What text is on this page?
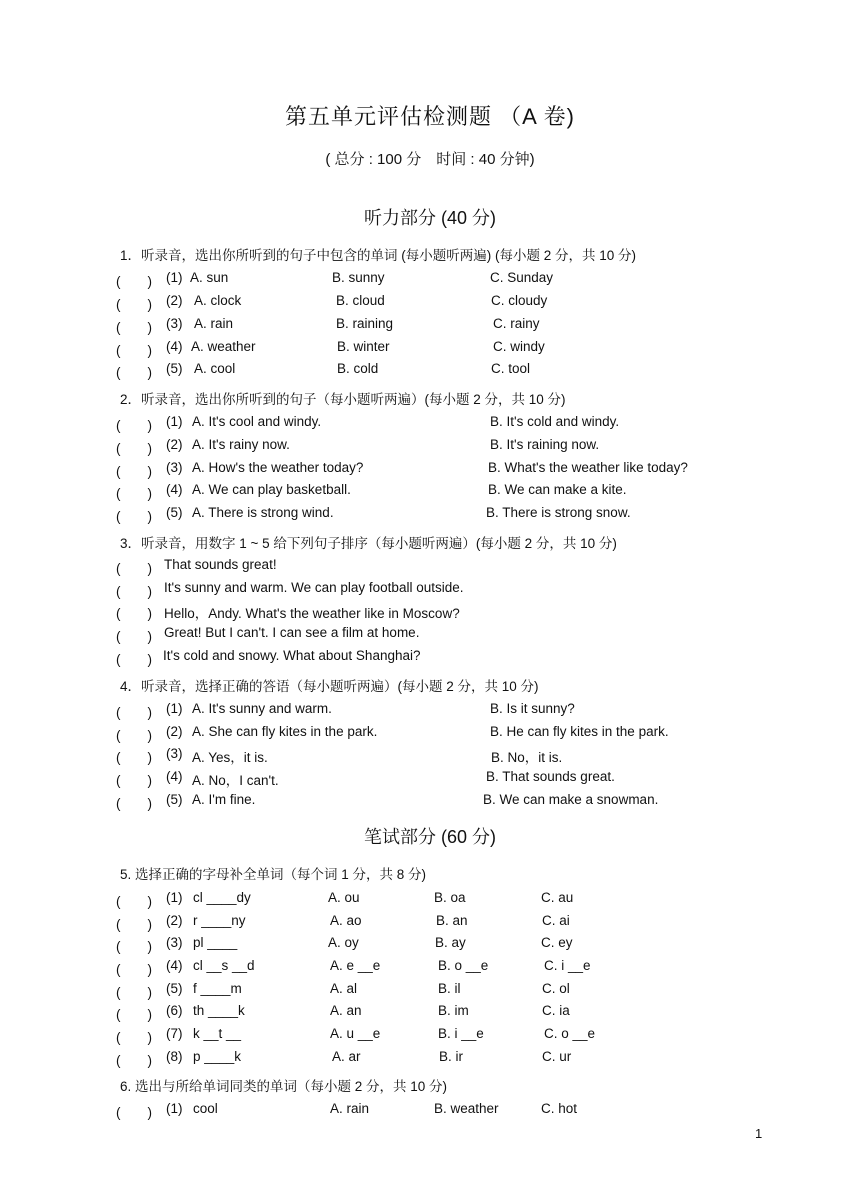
第五单元评估检测题 （A 卷)
( 总分 : 100 分　时间 : 40 分钟)
听力部分 (40 分)
1．听录音，选出你所听到的句子中包含的单词 (每小题听两遍) (每小题 2 分，共 10 分)
(　　) (1) A. sun	B. sunny	C. Sunday
(　　) (2) A. clock	B. cloud	C. cloudy
(　　) (3) A. rain	B. raining	C. rainy
(　　) (4) A. weather	B. winter	C. windy
(　　) (5) A. cool	B. cold	C. tool
2．听录音，选出你所听到的句子（每小题听两遍）(每小题 2 分，共 10 分)
(　　) (1) A. It's cool and windy.	B. It's cold and windy.
(　　) (2) A. It's rainy now.	B. It's raining now.
(　　) (3) A. How's the weather today?	B. What's the weather like today?
(　　) (4) A. We can play basketball.	B. We can make a kite.
(　　) (5) A. There is strong wind.	B. There is strong snow.
3．听录音，用数字 1 ~ 5 给下列句子排序（每小题听两遍）(每小题 2 分，共 10 分)
(　　) That sounds great!
(　　) It's sunny and warm. We can play football outside.
(　　) Hello，Andy. What's the weather like in Moscow?
(　　) Great! But I can't. I can see a film at home.
(　　) It's cold and snowy. What about Shanghai?
4．听录音，选择正确的答语（每小题听两遍）(每小题 2 分，共 10 分)
(　　) (1) A. It's sunny and warm.	B. Is it sunny?
(　　) (2) A. She can fly kites in the park.	B. He can fly kites in the park.
(　　) (3) A. Yes，it is.	B. No，it is.
(　　) (4) A. No，I can't.	B. That sounds great.
(　　) (5) A. I'm fine.	B. We can make a snowman.
笔试部分 (60 分)
5. 选择正确的字母补全单词（每个词 1 分，共 8 分)
(　　) (1) cl ____dy	A. ou	B. oa	C. au
(　　) (2) r ____ny	A. ao	B. an	C. ai
(　　) (3) pl ____	A. oy	B. ay	C. ey
(　　) (4) cl __s __d	A. e __e	B. o __e	C. i __e
(　　) (5) f ____m	A. al	B. il	C. ol
(　　) (6) th ____k	A. an	B. im	C. ia
(　　) (7) k __t __	A. u __e	B. i __e	C. o __e
(　　) (8) p ____k	A. ar	B. ir	C. ur
6. 选出与所给单词同类的单词（每小题 2 分，共 10 分)
(　　) (1) cool	A. rain	B. weather	C. hot
1
